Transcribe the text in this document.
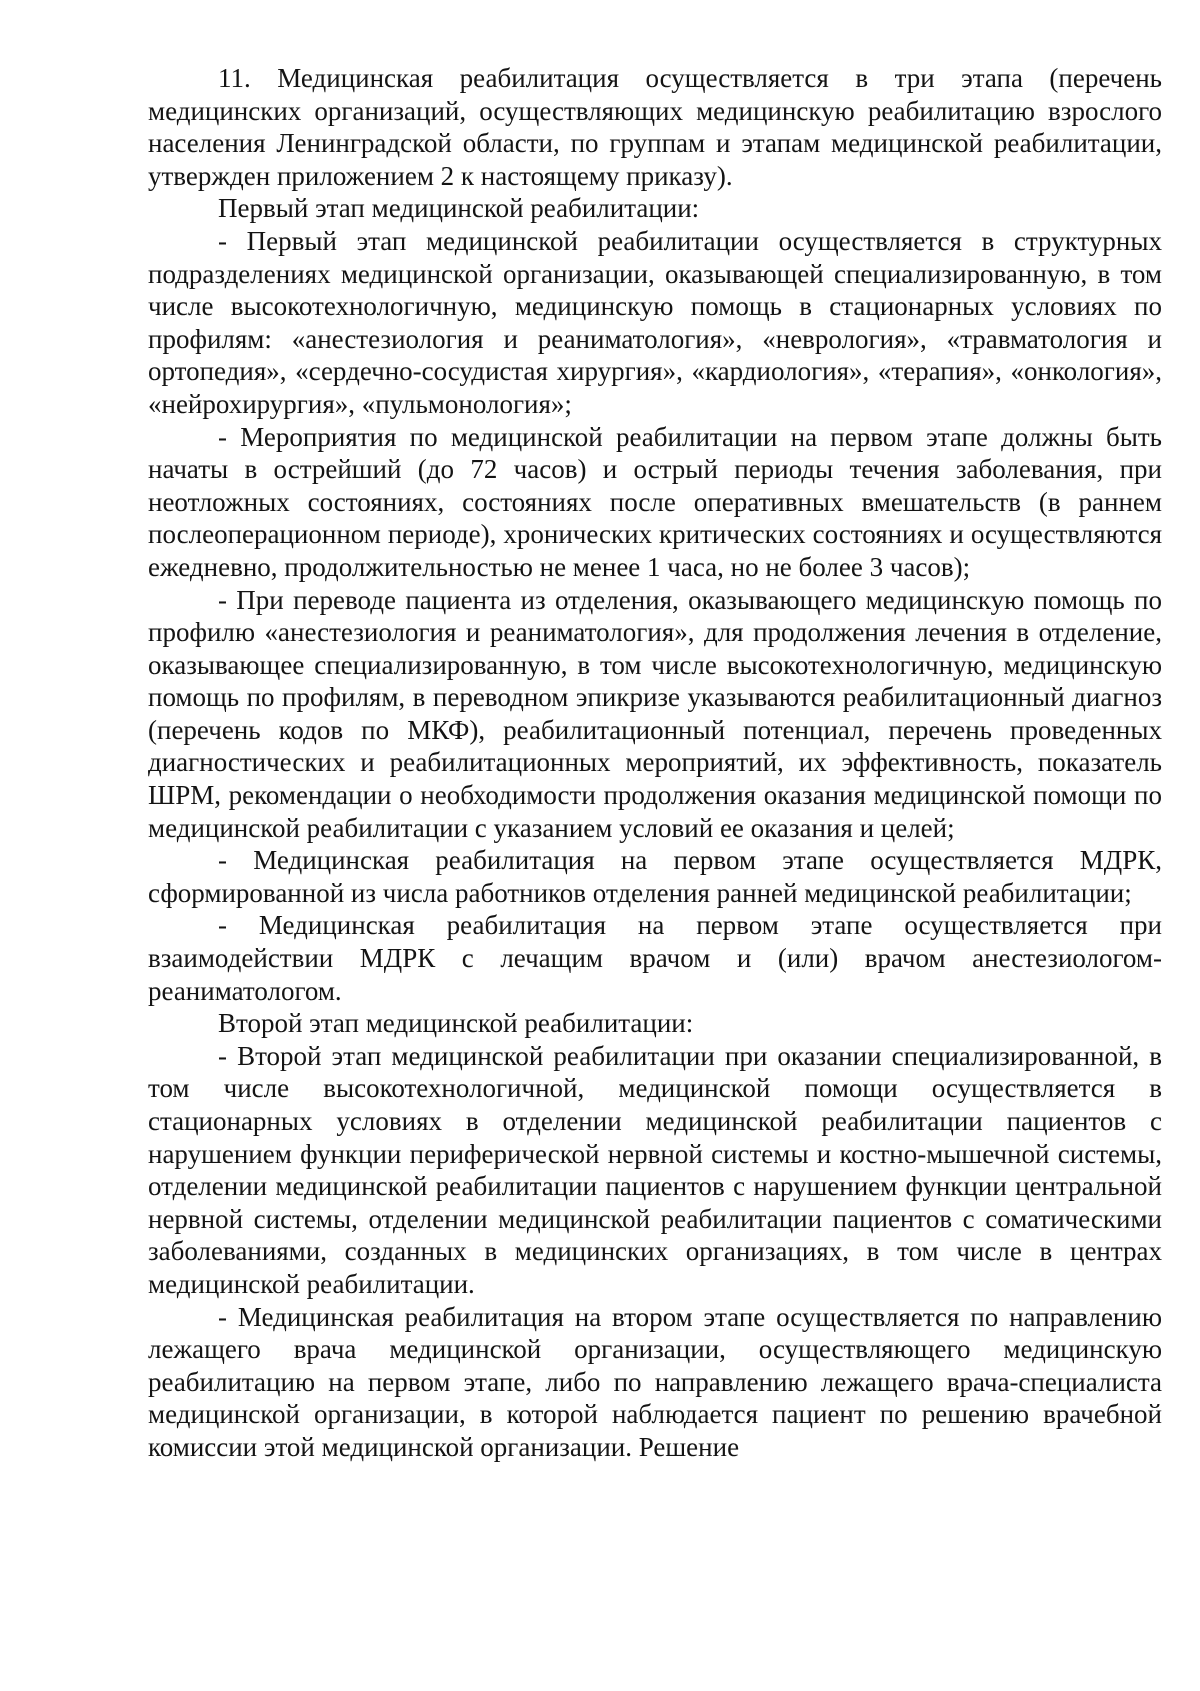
11. Медицинская реабилитация осуществляется в три этапа (перечень медицинских организаций, осуществляющих медицинскую реабилитацию взрослого населения Ленинградской области, по группам и этапам медицинской реабилитации, утвержден приложением 2 к настоящему приказу).

Первый этап медицинской реабилитации:

- Первый этап медицинской реабилитации осуществляется в структурных подразделениях медицинской организации, оказывающей специализированную, в том числе высокотехнологичную, медицинскую помощь в стационарных условиях по профилям: «анестезиология и реаниматология», «неврология», «травматология и ортопедия», «сердечно-сосудистая хирургия», «кардиология», «терапия», «онкология», «нейрохирургия», «пульмонология»;

- Мероприятия по медицинской реабилитации на первом этапе должны быть начаты в острейший (до 72 часов) и острый периоды течения заболевания, при неотложных состояниях, состояниях после оперативных вмешательств (в раннем послеоперационном периоде), хронических критических состояниях и осуществляются ежедневно, продолжительностью не менее 1 часа, но не более 3 часов);

- При переводе пациента из отделения, оказывающего медицинскую помощь по профилю «анестезиология и реаниматология», для продолжения лечения в отделение, оказывающее специализированную, в том числе высокотехнологичную, медицинскую помощь по профилям, в переводном эпикризе указываются реабилитационный диагноз (перечень кодов по МКФ), реабилитационный потенциал, перечень проведенных диагностических и реабилитационных мероприятий, их эффективность, показатель ШРМ, рекомендации о необходимости продолжения оказания медицинской помощи по медицинской реабилитации с указанием условий ее оказания и целей;

- Медицинская реабилитация на первом этапе осуществляется МДРК, сформированной из числа работников отделения ранней медицинской реабилитации;

- Медицинская реабилитация на первом этапе осуществляется при взаимодействии МДРК с лечащим врачом и (или) врачом анестезиологом-реаниматологом.

Второй этап медицинской реабилитации:

- Второй этап медицинской реабилитации при оказании специализированной, в том числе высокотехнологичной, медицинской помощи осуществляется в стационарных условиях в отделении медицинской реабилитации пациентов с нарушением функции периферической нервной системы и костно-мышечной системы, отделении медицинской реабилитации пациентов с нарушением функции центральной нервной системы, отделении медицинской реабилитации пациентов с соматическими заболеваниями, созданных в медицинских организациях, в том числе в центрах медицинской реабилитации.

- Медицинская реабилитация на втором этапе осуществляется по направлению лежащего врача медицинской организации, осуществляющего медицинскую реабилитацию на первом этапе, либо по направлению лежащего врача-специалиста медицинской организации, в которой наблюдается пациент по решению врачебной комиссии этой медицинской организации. Решение
